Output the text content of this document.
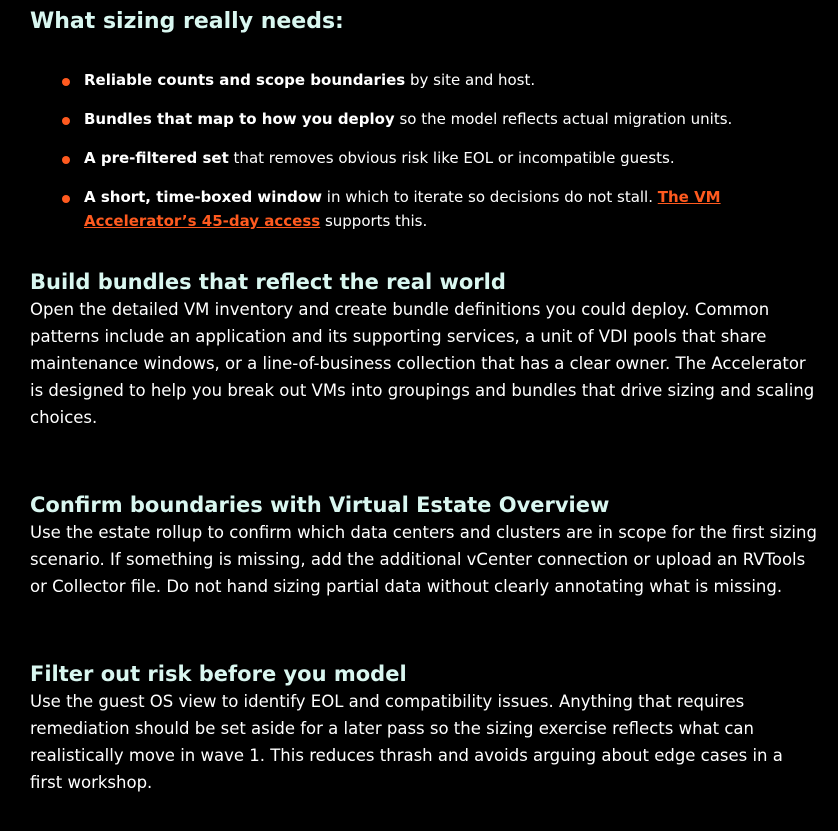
What sizing really needs:
Reliable counts and scope boundaries by site and host.
Bundles that map to how you deploy so the model reflects actual migration units.
A pre-filtered set that removes obvious risk like EOL or incompatible guests.
A short, time-boxed window in which to iterate so decisions do not stall. The VM Accelerator’s 45-day access supports this.
Build bundles that reflect the real world

Open the detailed VM inventory and create bundle definitions you could deploy. Common patterns include an application and its supporting services, a unit of VDI pools that share maintenance windows, or a line-of-business collection that has a clear owner. The Accelerator is designed to help you break out VMs into groupings and bundles that drive sizing and scaling choices.

Confirm boundaries with Virtual Estate Overview

Use the estate rollup to confirm which data centers and clusters are in scope for the first sizing scenario. If something is missing, add the additional vCenter connection or upload an RVTools or Collector file. Do not hand sizing partial data without clearly annotating what is missing.

Filter out risk before you model

Use the guest OS view to identify EOL and compatibility issues. Anything that requires remediation should be set aside for a later pass so the sizing exercise reflects what can realistically move in wave 1. This reduces thrash and avoids arguing about edge cases in a first workshop.
